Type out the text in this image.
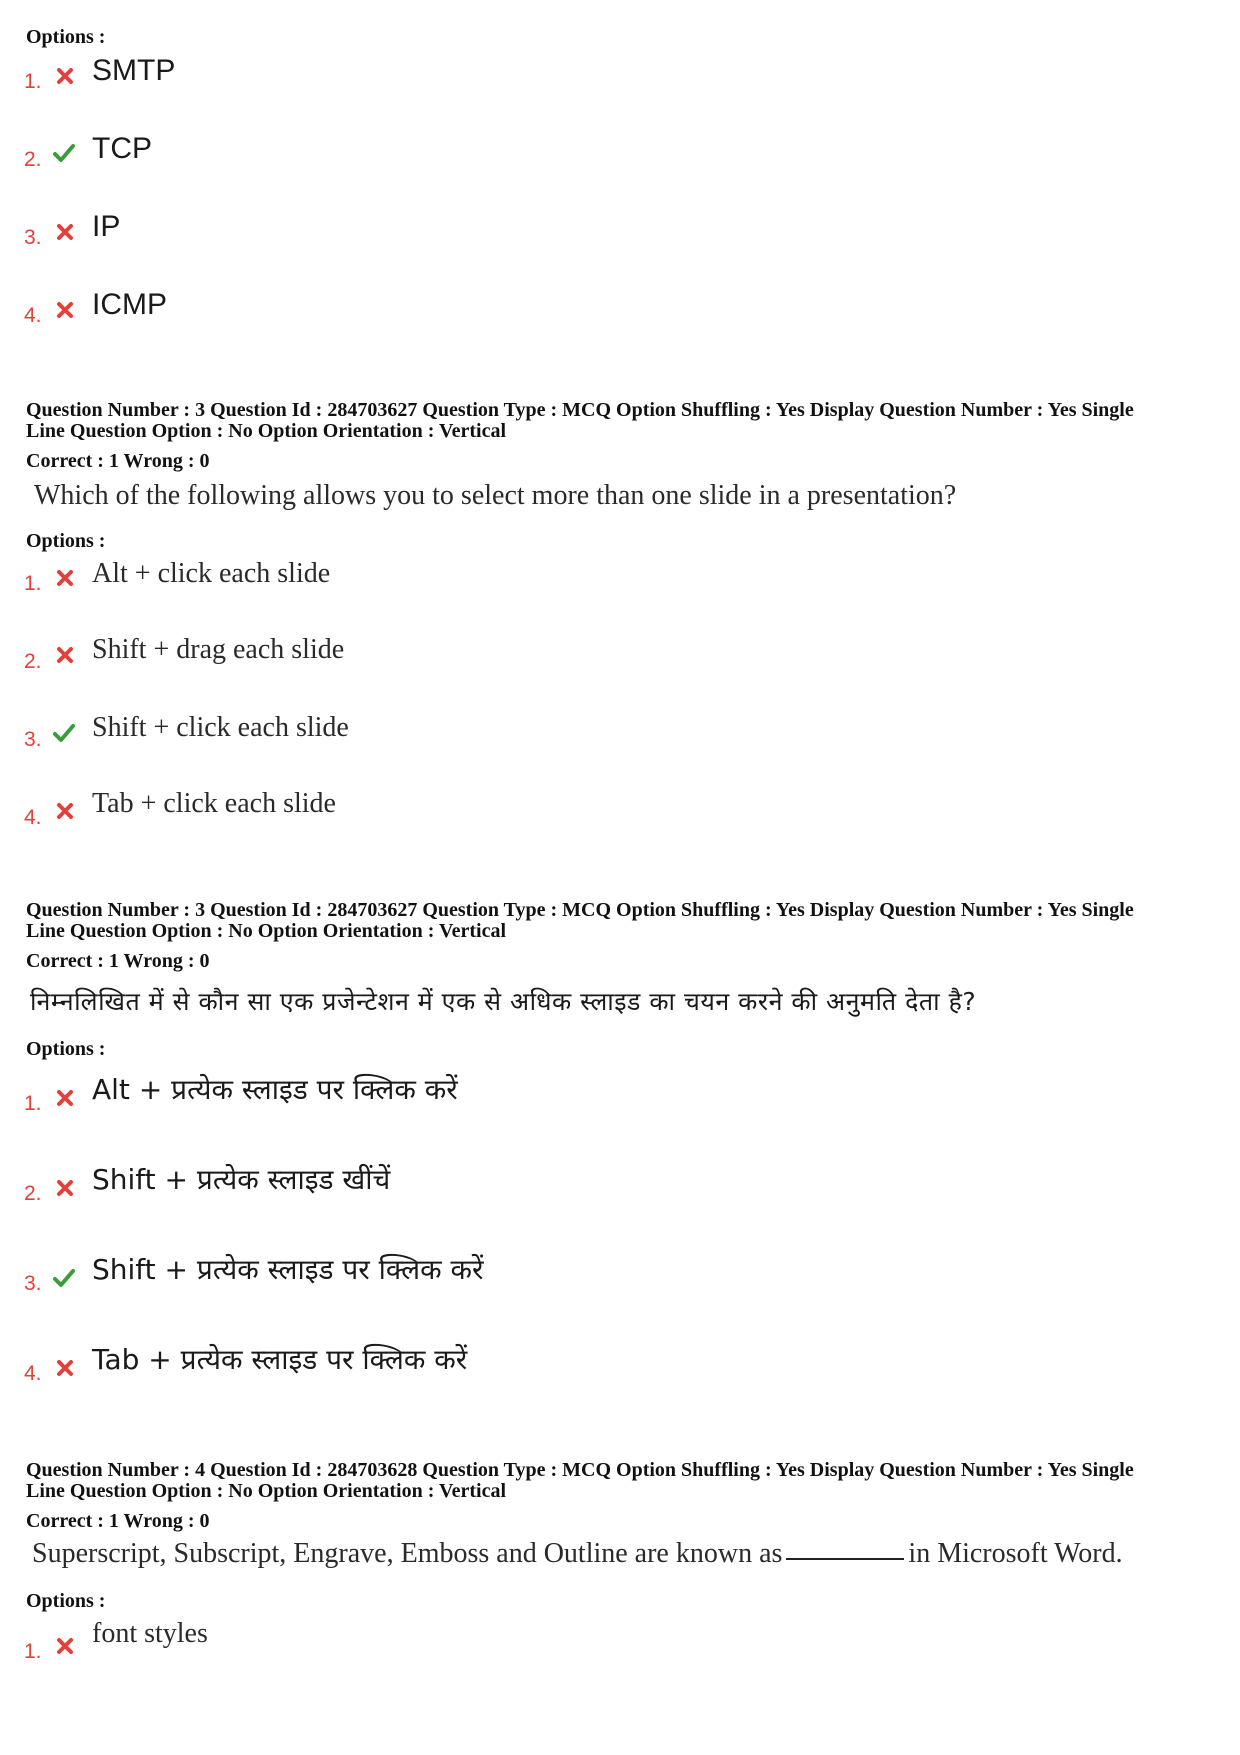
Options :
1. SMTP
2. TCP
3. IP
4. ICMP
Question Number : 3 Question Id : 284703627 Question Type : MCQ Option Shuffling : Yes Display Question Number : Yes Single
Line Question Option : No Option Orientation : Vertical
Correct : 1 Wrong : 0
Which of the following allows you to select more than one slide in a presentation?
Options :
1. Alt + click each slide
2. Shift + drag each slide
3. Shift + click each slide
4. Tab + click each slide
Question Number : 3 Question Id : 284703627 Question Type : MCQ Option Shuffling : Yes Display Question Number : Yes Single
Line Question Option : No Option Orientation : Vertical
Correct : 1 Wrong : 0
निम्नलिखित में से कौन सा एक प्रजेन्टेशन में एक से अधिक स्लाइड का चयन करने की अनुमति देता है?
Options :
1. Alt + प्रत्येक स्लाइड पर क्लिक करें
2. Shift + प्रत्येक स्लाइड खींचें
3. Shift + प्रत्येक स्लाइड पर क्लिक करें
4. Tab + प्रत्येक स्लाइड पर क्लिक करें
Question Number : 4 Question Id : 284703628 Question Type : MCQ Option Shuffling : Yes Display Question Number : Yes Single
Line Question Option : No Option Orientation : Vertical
Correct : 1 Wrong : 0
Superscript, Subscript, Engrave, Emboss and Outline are known as	in Microsoft Word.
Options :
1.
font styles
